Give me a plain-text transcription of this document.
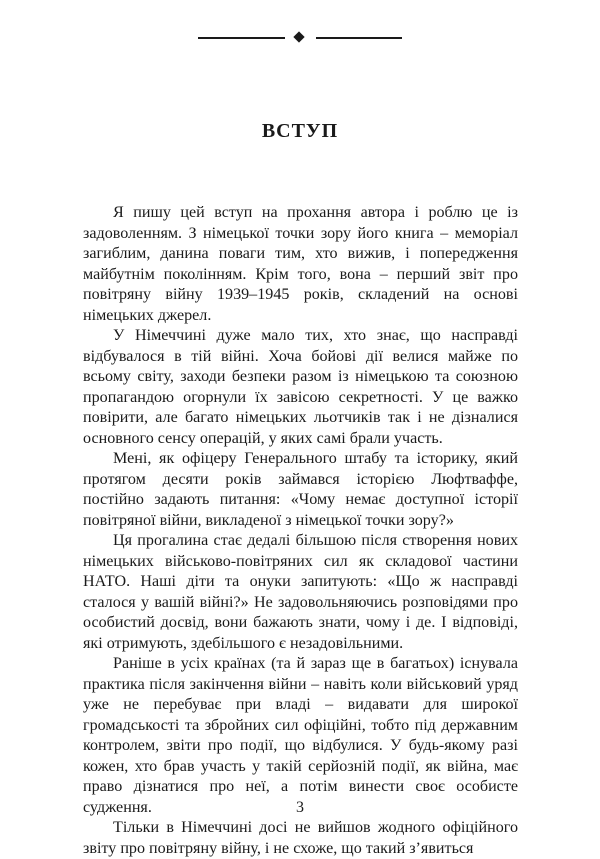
ВСТУП

Я пишу цей вступ на прохання автора і роблю це із задоволенням. З німецької точки зору його книга – меморіал загиблим, данина поваги тим, хто вижив, і попередження майбутнім поколінням. Крім того, вона – перший звіт про повітряну війну 1939–1945 років, складений на основі німецьких джерел.

У Німеччині дуже мало тих, хто знає, що насправді відбувалося в тій війні. Хоча бойові дії велися майже по всьому світу, заходи безпеки разом із німецькою та союзною пропагандою огорнули їх завісою секретності. У це важко повірити, але багато німецьких льотчиків так і не дізналися основного сенсу операцій, у яких самі брали участь.

Мені, як офіцеру Генерального штабу та історику, який протягом десяти років займався історією Люфтваффе, постійно задають питання: «Чому немає доступної історії повітряної війни, викладеної з німецької точки зору?»

Ця прогалина стає дедалі більшою після створення нових німецьких військово-повітряних сил як складової частини НАТО. Наші діти та онуки запитують: «Що ж насправді сталося у вашій війні?» Не задовольняючись розповідями про особистий досвід, вони бажають знати, чому і де. І відповіді, які отримують, здебільшого є незадовільними.

Раніше в усіх країнах (та й зараз ще в багатьох) існувала практика після закінчення війни – навіть коли військовий уряд уже не перебуває при владі – видавати для широкої громадськості та збройних сил офіційні, тобто під державним контролем, звіти про події, що відбулися. У будь-якому разі кожен, хто брав участь у такій серйозній події, як війна, має право дізнатися про неї, а потім винести своє особисте судження.

Тільки в Німеччині досі не вийшов жодного офіційного звіту про повітряну війну, і не схоже, що такий з’явиться

3
